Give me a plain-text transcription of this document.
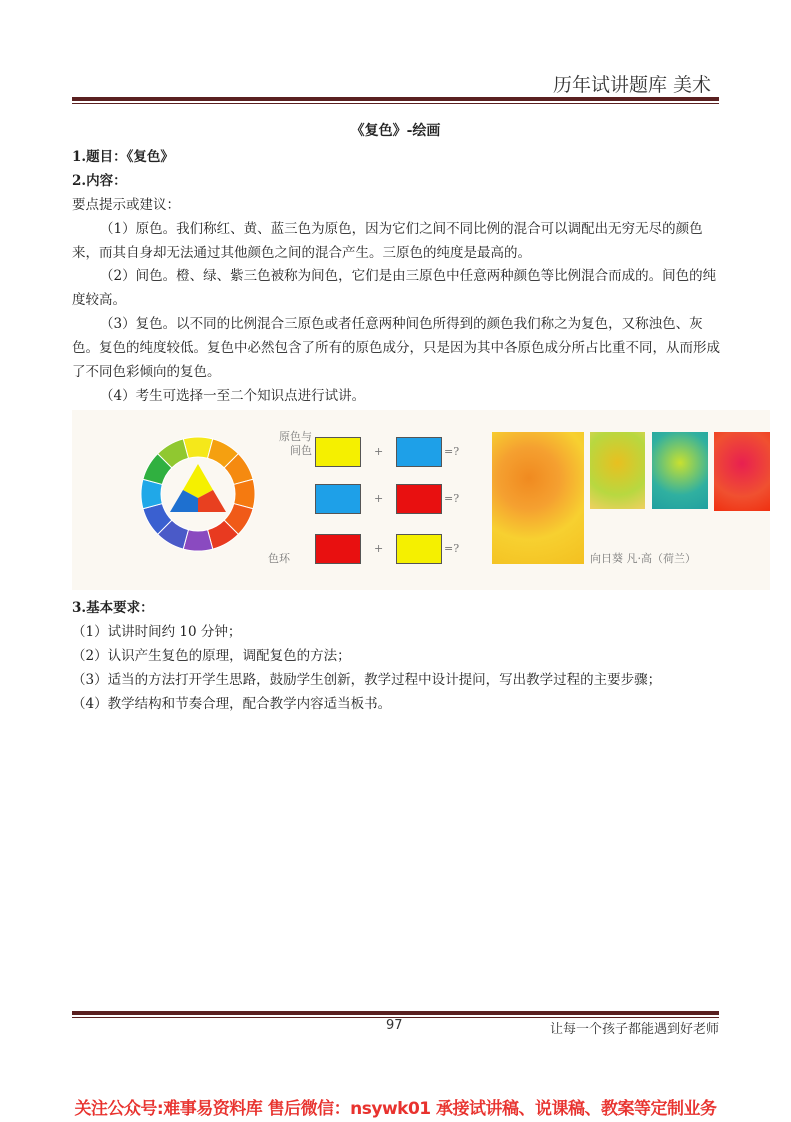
历年试讲题库 美术
《复色》-绘画
1.题目：《复色》
2.内容：
要点提示或建议：
（1）原色。我们称红、黄、蓝三色为原色，因为它们之间不同比例的混合可以调配出无穷无尽的颜色来，而其自身却无法通过其他颜色之间的混合产生。三原色的纯度是最高的。
（2）间色。橙、绿、紫三色被称为间色，它们是由三原色中任意两种颜色等比例混合而成的。间色的纯度较高。
（3）复色。以不同的比例混合三原色或者任意两种间色所得到的颜色我们称之为复色，又称浊色、灰色。复色的纯度较低。复色中必然包含了所有的原色成分，只是因为其中各原色成分所占比重不同，从而形成了不同色彩倾向的复色。
（4）考生可选择一至二个知识点进行试讲。
原色与间色
色环
+
+
+
=?
=?
=?
向日葵 凡·高（荷兰）
3.基本要求：
（1）试讲时间约 10 分钟；
（2）认识产生复色的原理，调配复色的方法；
（3）适当的方法打开学生思路，鼓励学生创新，教学过程中设计提问，写出教学过程的主要步骤；
（4）教学结构和节奏合理，配合教学内容适当板书。
97	让每一个孩子都能遇到好老师
关注公众号:难事易资料库 售后微信：nsywk01 承接试讲稿、说课稿、教案等定制业务
